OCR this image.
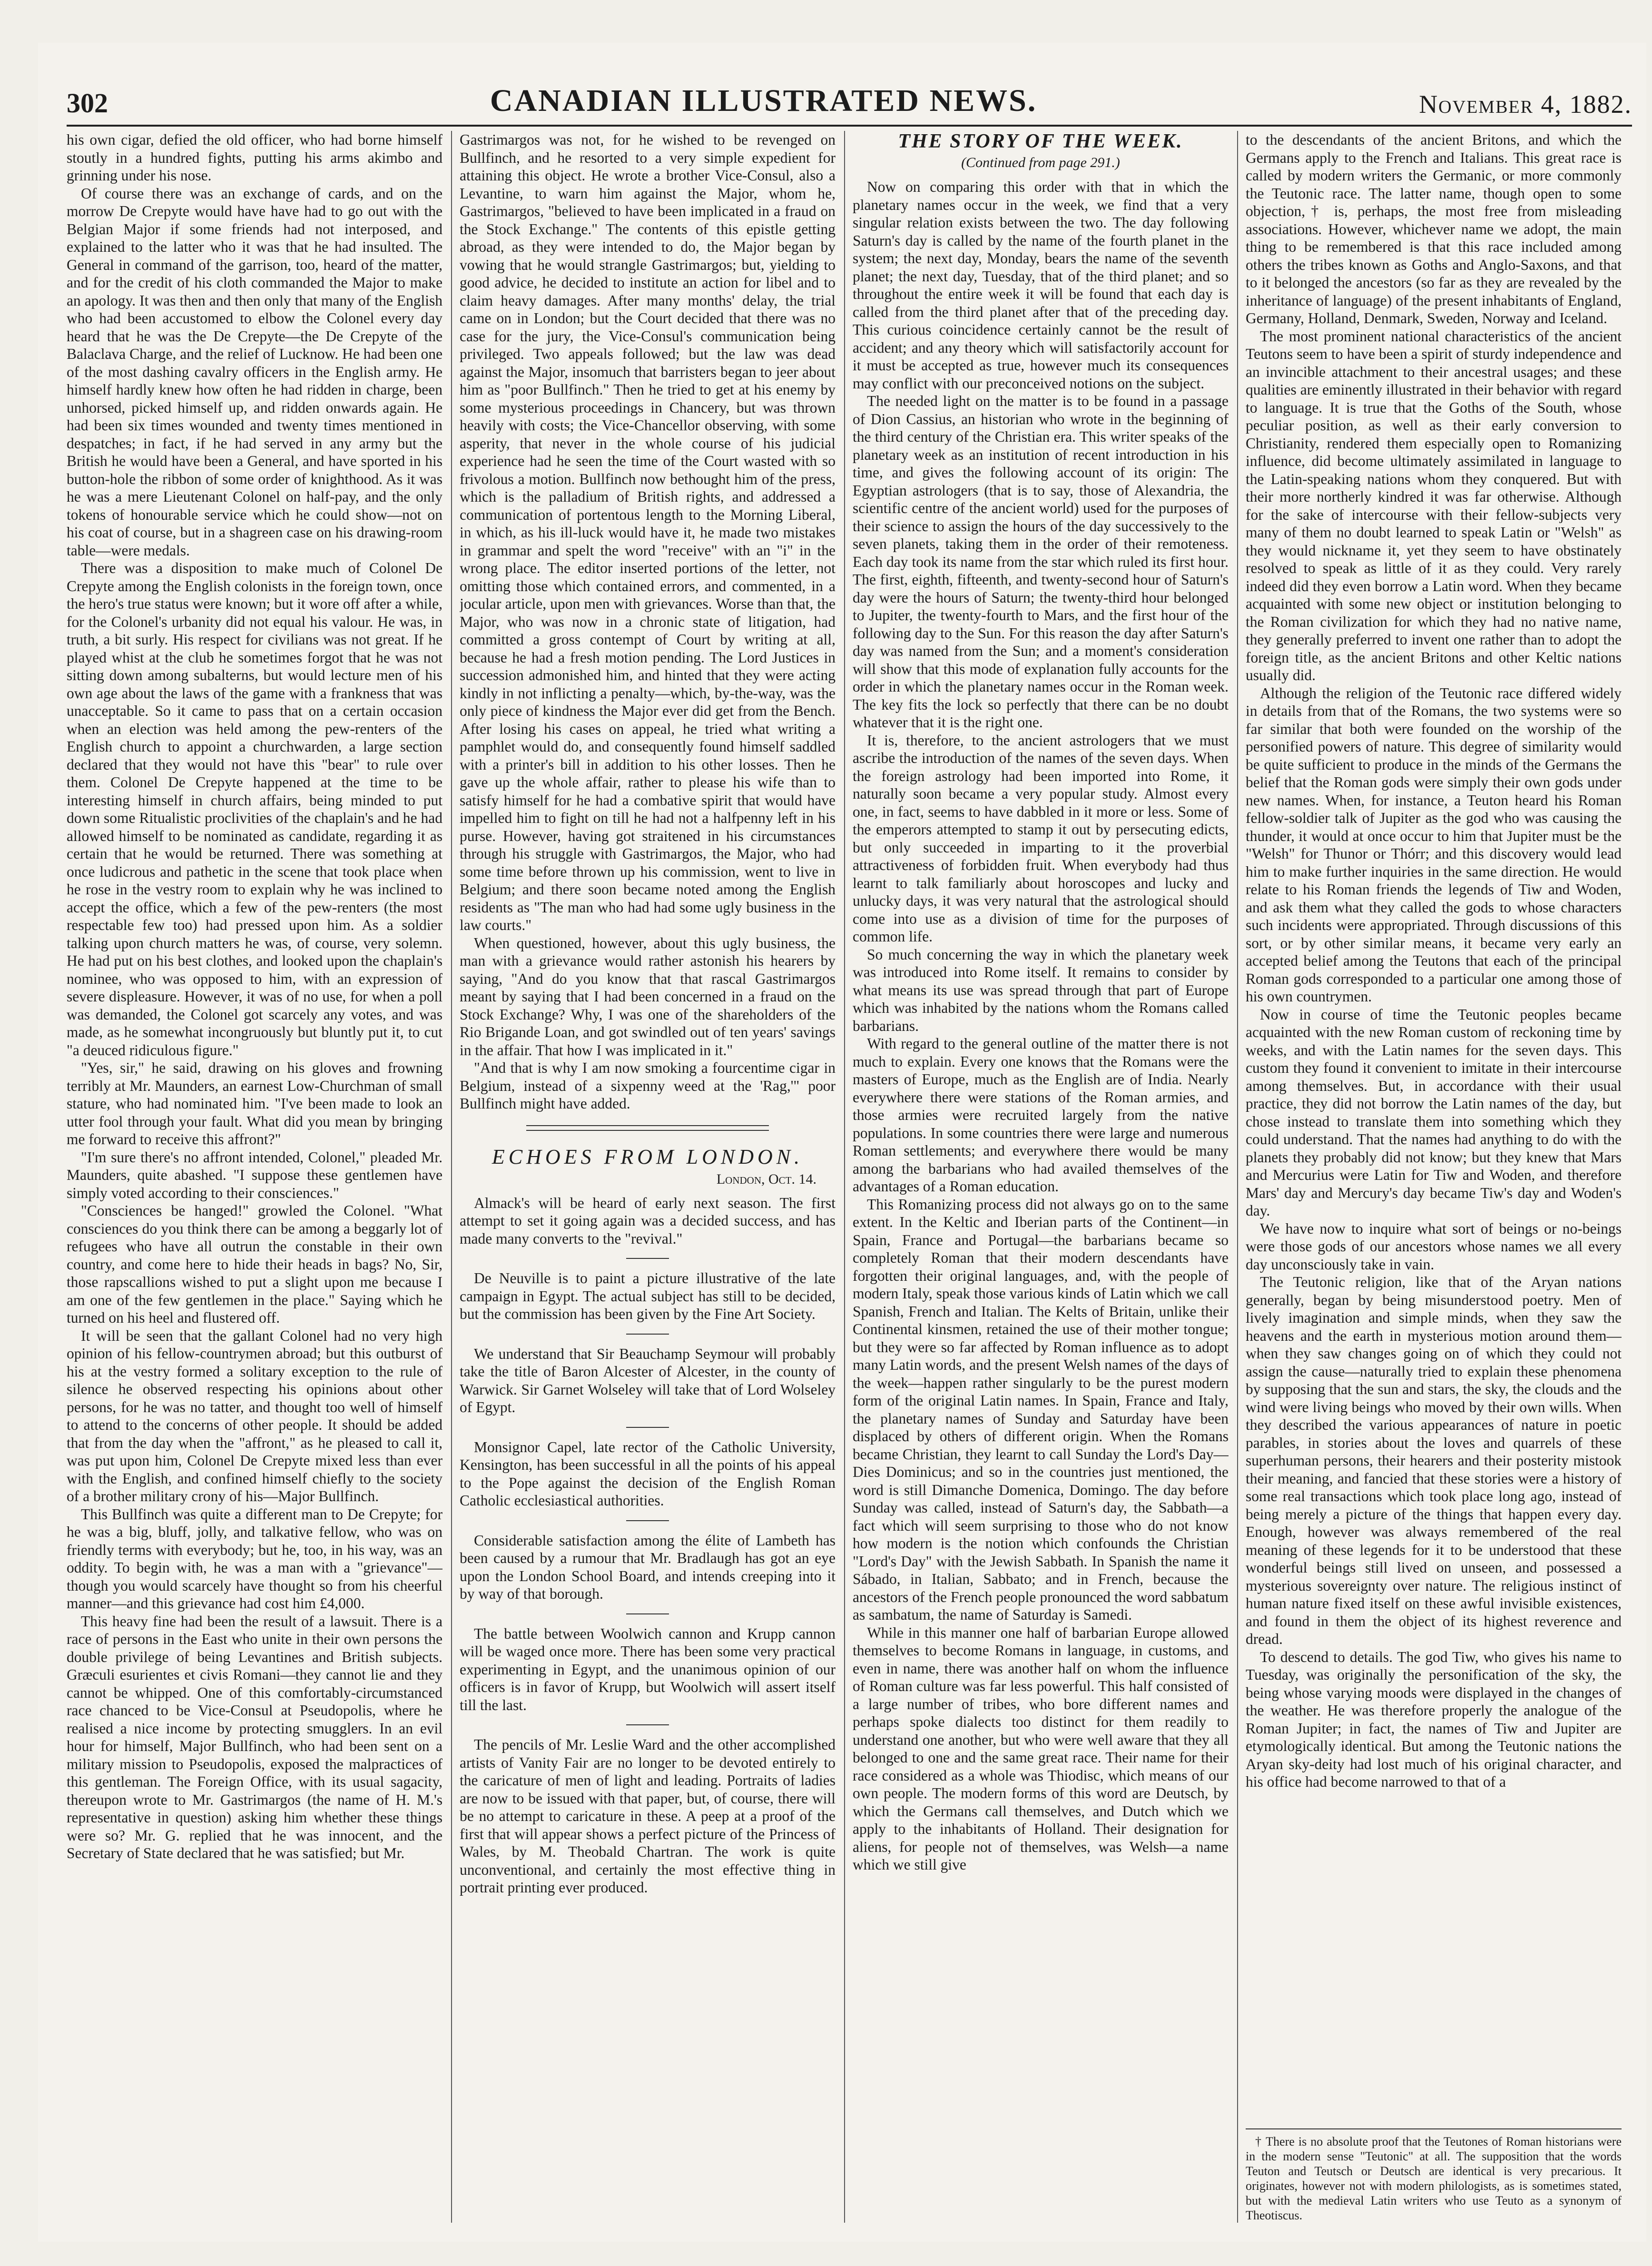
302	CANADIAN ILLUSTRATED NEWS.	November 4, 1882.

his own cigar, defied the old officer, who had borne himself stoutly in a hundred fights, putting his arms akimbo and grinning under his nose.

Of course there was an exchange of cards, and on the morrow De Crepyte would have have had to go out with the Belgian Major if some friends had not interposed, and explained to the latter who it was that he had insulted. The General in command of the garrison, too, heard of the matter, and for the credit of his cloth commanded the Major to make an apology. It was then and then only that many of the English who had been accustomed to elbow the Colonel every day heard that he was the De Crepyte—the De Crepyte of the Balaclava Charge, and the relief of Lucknow. He had been one of the most dashing cavalry officers in the English army. He himself hardly knew how often he had ridden in charge, been unhorsed, picked himself up, and ridden onwards again. He had been six times wounded and twenty times mentioned in despatches; in fact, if he had served in any army but the British he would have been a General, and have sported in his button-hole the ribbon of some order of knighthood. As it was he was a mere Lieutenant Colonel on half-pay, and the only tokens of honourable service which he could show—not on his coat of course, but in a shagreen case on his drawing-room table—were medals.

There was a disposition to make much of Colonel De Crepyte among the English colonists in the foreign town, once the hero's true status were known; but it wore off after a while, for the Colonel's urbanity did not equal his valour. He was, in truth, a bit surly. His respect for civilians was not great. If he played whist at the club he sometimes forgot that he was not sitting down among subalterns, but would lecture men of his own age about the laws of the game with a frankness that was unacceptable. So it came to pass that on a certain occasion when an election was held among the pew-renters of the English church to appoint a churchwarden, a large section declared that they would not have this "bear" to rule over them. Colonel De Crepyte happened at the time to be interesting himself in church affairs, being minded to put down some Ritualistic proclivities of the chaplain's and he had allowed himself to be nominated as candidate, regarding it as certain that he would be returned. There was something at once ludicrous and pathetic in the scene that took place when he rose in the vestry room to explain why he was inclined to accept the office, which a few of the pew-renters (the most respectable few too) had pressed upon him. As a soldier talking upon church matters he was, of course, very solemn. He had put on his best clothes, and looked upon the chaplain's nominee, who was opposed to him, with an expression of severe displeasure. However, it was of no use, for when a poll was demanded, the Colonel got scarcely any votes, and was made, as he somewhat incongruously but bluntly put it, to cut "a deuced ridiculous figure."

"Yes, sir," he said, drawing on his gloves and frowning terribly at Mr. Maunders, an earnest Low-Churchman of small stature, who had nominated him. "I've been made to look an utter fool through your fault. What did you mean by bringing me forward to receive this affront?"

"I'm sure there's no affront intended, Colonel," pleaded Mr. Maunders, quite abashed. "I suppose these gentlemen have simply voted according to their consciences."

"Consciences be hanged!" growled the Colonel. "What consciences do you think there can be among a beggarly lot of refugees who have all outrun the constable in their own country, and come here to hide their heads in bags? No, Sir, those rapscallions wished to put a slight upon me because I am one of the few gentlemen in the place." Saying which he turned on his heel and flustered off.

It will be seen that the gallant Colonel had no very high opinion of his fellow-countrymen abroad; but this outburst of his at the vestry formed a solitary exception to the rule of silence he observed respecting his opinions about other persons, for he was no tatter, and thought too well of himself to attend to the concerns of other people. It should be added that from the day when the "affront," as he pleased to call it, was put upon him, Colonel De Crepyte mixed less than ever with the English, and confined himself chiefly to the society of a brother military crony of his—Major Bullfinch.

This Bullfinch was quite a different man to De Crepyte; for he was a big, bluff, jolly, and talkative fellow, who was on friendly terms with everybody; but he, too, in his way, was an oddity. To begin with, he was a man with a "grievance"—though you would scarcely have thought so from his cheerful manner—and this grievance had cost him £4,000.

This heavy fine had been the result of a lawsuit. There is a race of persons in the East who unite in their own persons the double privilege of being Levantines and British subjects. Græculi esurientes et civis Romani—they cannot lie and they cannot be whipped. One of this comfortably-circumstanced race chanced to be Vice-Consul at Pseudopolis, where he realised a nice income by protecting smugglers. In an evil hour for himself, Major Bullfinch, who had been sent on a military mission to Pseudopolis, exposed the malpractices of this gentleman. The Foreign Office, with its usual sagacity, thereupon wrote to Mr. Gastrimargos (the name of H. M.'s representative in question) asking him whether these things were so? Mr. G. replied that he was innocent, and the Secretary of State declared that he was satisfied; but Mr.

Gastrimargos was not, for he wished to be revenged on Bullfinch, and he resorted to a very simple expedient for attaining this object. He wrote a brother Vice-Consul, also a Levantine, to warn him against the Major, whom he, Gastrimargos, "believed to have been implicated in a fraud on the Stock Exchange." The contents of this epistle getting abroad, as they were intended to do, the Major began by vowing that he would strangle Gastrimargos; but, yielding to good advice, he decided to institute an action for libel and to claim heavy damages. After many months' delay, the trial came on in London; but the Court decided that there was no case for the jury, the Vice-Consul's communication being privileged. Two appeals followed; but the law was dead against the Major, insomuch that barristers began to jeer about him as "poor Bullfinch." Then he tried to get at his enemy by some mysterious proceedings in Chancery, but was thrown heavily with costs; the Vice-Chancellor observing, with some asperity, that never in the whole course of his judicial experience had he seen the time of the Court wasted with so frivolous a motion. Bullfinch now bethought him of the press, which is the palladium of British rights, and addressed a communication of portentous length to the Morning Liberal, in which, as his ill-luck would have it, he made two mistakes in grammar and spelt the word "receive" with an "i" in the wrong place. The editor inserted portions of the letter, not omitting those which contained errors, and commented, in a jocular article, upon men with grievances. Worse than that, the Major, who was now in a chronic state of litigation, had committed a gross contempt of Court by writing at all, because he had a fresh motion pending. The Lord Justices in succession admonished him, and hinted that they were acting kindly in not inflicting a penalty—which, by-the-way, was the only piece of kindness the Major ever did get from the Bench. After losing his cases on appeal, he tried what writing a pamphlet would do, and consequently found himself saddled with a printer's bill in addition to his other losses. Then he gave up the whole affair, rather to please his wife than to satisfy himself for he had a combative spirit that would have impelled him to fight on till he had not a halfpenny left in his purse. However, having got straitened in his circumstances through his struggle with Gastrimargos, the Major, who had some time before thrown up his commission, went to live in Belgium; and there soon became noted among the English residents as "The man who had had some ugly business in the law courts."

When questioned, however, about this ugly business, the man with a grievance would rather astonish his hearers by saying, "And do you know that that rascal Gastrimargos meant by saying that I had been concerned in a fraud on the Stock Exchange? Why, I was one of the shareholders of the Rio Brigande Loan, and got swindled out of ten years' savings in the affair. That how I was implicated in it."

"And that is why I am now smoking a fourcentime cigar in Belgium, instead of a sixpenny weed at the 'Rag,'" poor Bullfinch might have added.

ECHOES FROM LONDON.
London, Oct. 14.

Almack's will be heard of early next season. The first attempt to set it going again was a decided success, and has made many converts to the "revival."

De Neuville is to paint a picture illustrative of the late campaign in Egypt. The actual subject has still to be decided, but the commission has been given by the Fine Art Society.

We understand that Sir Beauchamp Seymour will probably take the title of Baron Alcester of Alcester, in the county of Warwick. Sir Garnet Wolseley will take that of Lord Wolseley of Egypt.

Monsignor Capel, late rector of the Catholic University, Kensington, has been successful in all the points of his appeal to the Pope against the decision of the English Roman Catholic ecclesiastical authorities.

Considerable satisfaction among the élite of Lambeth has been caused by a rumour that Mr. Bradlaugh has got an eye upon the London School Board, and intends creeping into it by way of that borough.

The battle between Woolwich cannon and Krupp cannon will be waged once more. There has been some very practical experimenting in Egypt, and the unanimous opinion of our officers is in favor of Krupp, but Woolwich will assert itself till the last.

The pencils of Mr. Leslie Ward and the other accomplished artists of Vanity Fair are no longer to be devoted entirely to the caricature of men of light and leading. Portraits of ladies are now to be issued with that paper, but, of course, there will be no attempt to caricature in these. A peep at a proof of the first that will appear shows a perfect picture of the Princess of Wales, by M. Theobald Chartran. The work is quite unconventional, and certainly the most effective thing in portrait printing ever produced.

THE STORY OF THE WEEK.
(Continued from page 291.)

Now on comparing this order with that in which the planetary names occur in the week, we find that a very singular relation exists between the two. The day following Saturn's day is called by the name of the fourth planet in the system; the next day, Monday, bears the name of the seventh planet; the next day, Tuesday, that of the third planet; and so throughout the entire week it will be found that each day is called from the third planet after that of the preceding day. This curious coincidence certainly cannot be the result of accident; and any theory which will satisfactorily account for it must be accepted as true, however much its consequences may conflict with our preconceived notions on the subject.

The needed light on the matter is to be found in a passage of Dion Cassius, an historian who wrote in the beginning of the third century of the Christian era. This writer speaks of the planetary week as an institution of recent introduction in his time, and gives the following account of its origin: The Egyptian astrologers (that is to say, those of Alexandria, the scientific centre of the ancient world) used for the purposes of their science to assign the hours of the day successively to the seven planets, taking them in the order of their remoteness. Each day took its name from the star which ruled its first hour. The first, eighth, fifteenth, and twenty-second hour of Saturn's day were the hours of Saturn; the twenty-third hour belonged to Jupiter, the twenty-fourth to Mars, and the first hour of the following day to the Sun. For this reason the day after Saturn's day was named from the Sun; and a moment's consideration will show that this mode of explanation fully accounts for the order in which the planetary names occur in the Roman week. The key fits the lock so perfectly that there can be no doubt whatever that it is the right one.

It is, therefore, to the ancient astrologers that we must ascribe the introduction of the names of the seven days. When the foreign astrology had been imported into Rome, it naturally soon became a very popular study. Almost every one, in fact, seems to have dabbled in it more or less. Some of the emperors attempted to stamp it out by persecuting edicts, but only succeeded in imparting to it the proverbial attractiveness of forbidden fruit. When everybody had thus learnt to talk familiarly about horoscopes and lucky and unlucky days, it was very natural that the astrological should come into use as a division of time for the purposes of common life.

So much concerning the way in which the planetary week was introduced into Rome itself. It remains to consider by what means its use was spread through that part of Europe which was inhabited by the nations whom the Romans called barbarians.

With regard to the general outline of the matter there is not much to explain. Every one knows that the Romans were the masters of Europe, much as the English are of India. Nearly everywhere there were stations of the Roman armies, and those armies were recruited largely from the native populations. In some countries there were large and numerous Roman settlements; and everywhere there would be many among the barbarians who had availed themselves of the advantages of a Roman education.

This Romanizing process did not always go on to the same extent. In the Keltic and Iberian parts of the Continent—in Spain, France and Portugal—the barbarians became so completely Roman that their modern descendants have forgotten their original languages, and, with the people of modern Italy, speak those various kinds of Latin which we call Spanish, French and Italian. The Kelts of Britain, unlike their Continental kinsmen, retained the use of their mother tongue; but they were so far affected by Roman influence as to adopt many Latin words, and the present Welsh names of the days of the week—happen rather singularly to be the purest modern form of the original Latin names. In Spain, France and Italy, the planetary names of Sunday and Saturday have been displaced by others of different origin. When the Romans became Christian, they learnt to call Sunday the Lord's Day—Dies Dominicus; and so in the countries just mentioned, the word is still Dimanche Domenica, Domingo. The day before Sunday was called, instead of Saturn's day, the Sabbath—a fact which will seem surprising to those who do not know how modern is the notion which confounds the Christian "Lord's Day" with the Jewish Sabbath. In Spanish the name it Sábado, in Italian, Sabbato; and in French, because the ancestors of the French people pronounced the word sabbatum as sambatum, the name of Saturday is Samedi.

While in this manner one half of barbarian Europe allowed themselves to become Romans in language, in customs, and even in name, there was another half on whom the influence of Roman culture was far less powerful. This half consisted of a large number of tribes, who bore different names and perhaps spoke dialects too distinct for them readily to understand one another, but who were well aware that they all belonged to one and the same great race. Their name for their race considered as a whole was Thiodisc, which means of our own people. The modern forms of this word are Deutsch, by which the Germans call themselves, and Dutch which we apply to the inhabitants of Holland. Their designation for aliens, for people not of themselves, was Welsh—a name which we still give

to the descendants of the ancient Britons, and which the Germans apply to the French and Italians. This great race is called by modern writers the Germanic, or more commonly the Teutonic race. The latter name, though open to some objection,† is, perhaps, the most free from misleading associations. However, whichever name we adopt, the main thing to be remembered is that this race included among others the tribes known as Goths and Anglo-Saxons, and that to it belonged the ancestors (so far as they are revealed by the inheritance of language) of the present inhabitants of England, Germany, Holland, Denmark, Sweden, Norway and Iceland.

The most prominent national characteristics of the ancient Teutons seem to have been a spirit of sturdy independence and an invincible attachment to their ancestral usages; and these qualities are eminently illustrated in their behavior with regard to language. It is true that the Goths of the South, whose peculiar position, as well as their early conversion to Christianity, rendered them especially open to Romanizing influence, did become ultimately assimilated in language to the Latin-speaking nations whom they conquered. But with their more northerly kindred it was far otherwise. Although for the sake of intercourse with their fellow-subjects very many of them no doubt learned to speak Latin or "Welsh" as they would nickname it, yet they seem to have obstinately resolved to speak as little of it as they could. Very rarely indeed did they even borrow a Latin word. When they became acquainted with some new object or institution belonging to the Roman civilization for which they had no native name, they generally preferred to invent one rather than to adopt the foreign title, as the ancient Britons and other Keltic nations usually did.

Although the religion of the Teutonic race differed widely in details from that of the Romans, the two systems were so far similar that both were founded on the worship of the personified powers of nature. This degree of similarity would be quite sufficient to produce in the minds of the Germans the belief that the Roman gods were simply their own gods under new names. When, for instance, a Teuton heard his Roman fellow-soldier talk of Jupiter as the god who was causing the thunder, it would at once occur to him that Jupiter must be the "Welsh" for Thunor or Thórr; and this discovery would lead him to make further inquiries in the same direction. He would relate to his Roman friends the legends of Tiw and Woden, and ask them what they called the gods to whose characters such incidents were appropriated. Through discussions of this sort, or by other similar means, it became very early an accepted belief among the Teutons that each of the principal Roman gods corresponded to a particular one among those of his own countrymen.

Now in course of time the Teutonic peoples became acquainted with the new Roman custom of reckoning time by weeks, and with the Latin names for the seven days. This custom they found it convenient to imitate in their intercourse among themselves. But, in accordance with their usual practice, they did not borrow the Latin names of the day, but chose instead to translate them into something which they could understand. That the names had anything to do with the planets they probably did not know; but they knew that Mars and Mercurius were Latin for Tiw and Woden, and therefore Mars' day and Mercury's day became Tiw's day and Woden's day.

We have now to inquire what sort of beings or no-beings were those gods of our ancestors whose names we all every day unconsciously take in vain.

The Teutonic religion, like that of the Aryan nations generally, began by being misunderstood poetry. Men of lively imagination and simple minds, when they saw the heavens and the earth in mysterious motion around them—when they saw changes going on of which they could not assign the cause—naturally tried to explain these phenomena by supposing that the sun and stars, the sky, the clouds and the wind were living beings who moved by their own wills. When they described the various appearances of nature in poetic parables, in stories about the loves and quarrels of these superhuman persons, their hearers and their posterity mistook their meaning, and fancied that these stories were a history of some real transactions which took place long ago, instead of being merely a picture of the things that happen every day. Enough, however was always remembered of the real meaning of these legends for it to be understood that these wonderful beings still lived on unseen, and possessed a mysterious sovereignty over nature. The religious instinct of human nature fixed itself on these awful invisible existences, and found in them the object of its highest reverence and dread.

To descend to details. The god Tiw, who gives his name to Tuesday, was originally the personification of the sky, the being whose varying moods were displayed in the changes of the weather. He was therefore properly the analogue of the Roman Jupiter; in fact, the names of Tiw and Jupiter are etymologically identical. But among the Teutonic nations the Aryan sky-deity had lost much of his original character, and his office had become narrowed to that of a

† There is no absolute proof that the Teutones of Roman historians were in the modern sense "Teutonic" at all. The supposition that the words Teuton and Teutsch or Deutsch are identical is very precarious. It originates, however not with modern philologists, as is sometimes stated, but with the medieval Latin writers who use Teuto as a synonym of Theotiscus.
